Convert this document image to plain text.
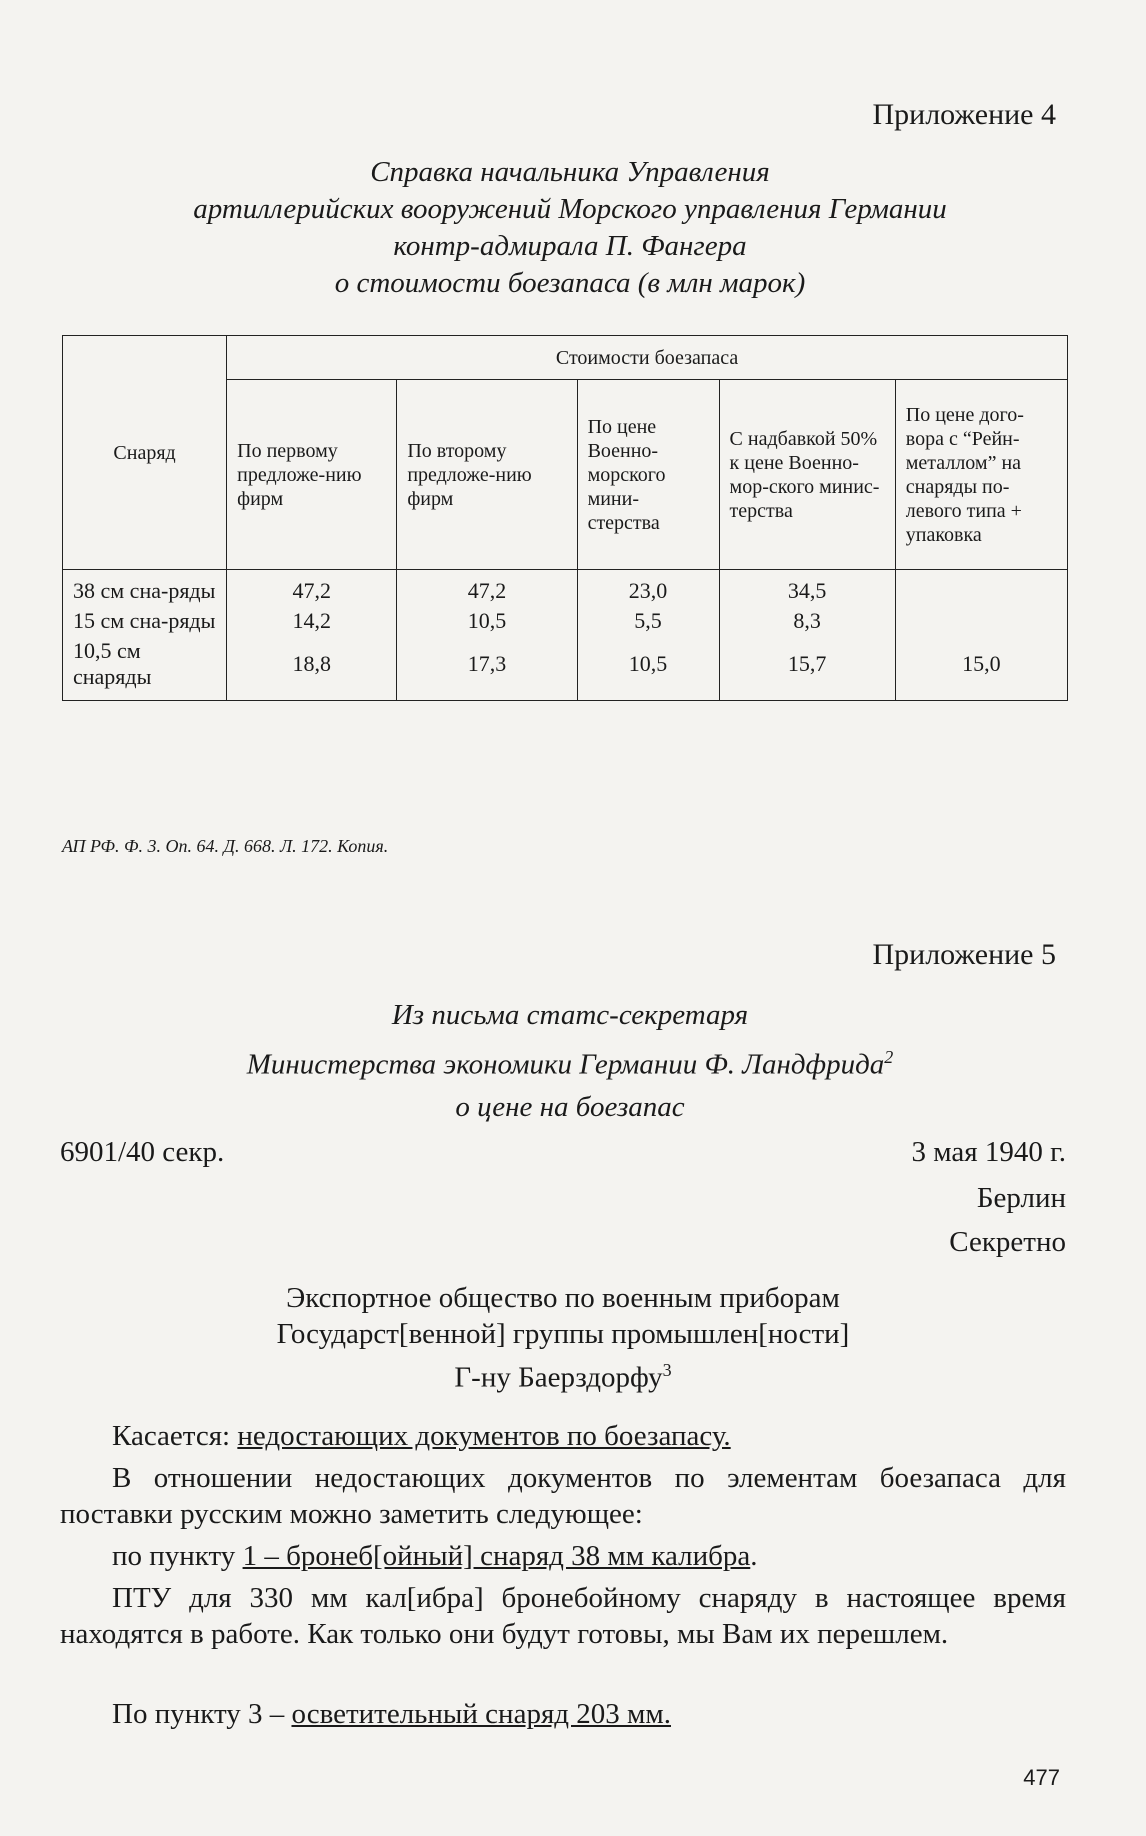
Приложение 4
Справка начальника Управления
артиллерийских вооружений Морского управления Германии
контр-адмирала П. Фангера
о стоимости боезапаса (в млн марок)
Снаряд	Стоимости боезапаса				
	По первому предложе-нию фирм	По второму предложе-нию фирм	По цене Военно-морского мини-стерства	С надбавкой 50% к цене Военно-мор-ского минис-терства	По цене дого-вора с “Рейн-металлом” на снаряды по-левого типа + упаковка
38 см сна-ряды	47,2	47,2	23,0	34,5	
15 см сна-ряды	14,2	10,5	5,5	8,3	
10,5 см снаряды	18,8	17,3	10,5	15,7	15,0
АП РФ. Ф. 3. Оп. 64. Д. 668. Л. 172. Копия.
Приложение 5
Из письма статс-секретаря
Министерства экономики Германии Ф. Ландфрида$^2$
о цене на боезапас
6901/40 секр.	3 мая 1940 г.
Берлин
Секретно
Экспортное общество по военным приборам
Государст[венной] группы промышлен[ности]
Г-ну Баерздорфу$^3$
Касается: недостающих документов по боезапасу.
В отношении недостающих документов по элементам боезапаса для поставки русским можно заметить следующее:
по пункту 1 – бронеб[ойный] снаряд 38 мм калибра.
ПТУ для 330 мм кал[ибра] бронебойному снаряду в настоящее время находятся в работе. Как только они будут готовы, мы Вам их перешлем.
По пункту 3 – осветительный снаряд 203 мм.
477
